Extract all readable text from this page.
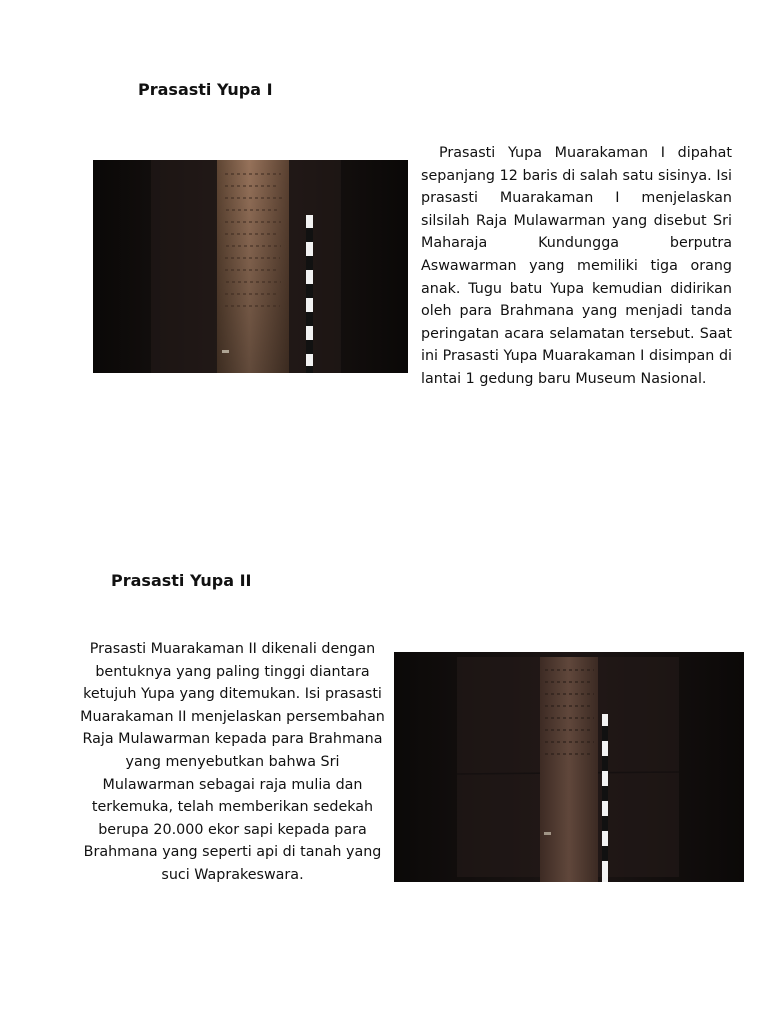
Prasasti Yupa I

Prasasti Yupa Muarakaman I dipahat sepanjang 12 baris di salah satu sisinya. Isi prasasti Muarakaman I menjelaskan silsilah Raja Mulawarman yang disebut Sri Maharaja Kundungga berputra Aswawarman yang memiliki tiga orang anak. Tugu batu Yupa kemudian didirikan oleh para Brahmana yang menjadi tanda peringatan acara selamatan tersebut. Saat ini Prasasti Yupa Muarakaman I disimpan di lantai 1 gedung baru Museum Nasional.

Prasasti Yupa II

Prasasti Muarakaman II dikenali dengan bentuknya yang paling tinggi diantara ketujuh Yupa yang ditemukan. Isi prasasti Muarakaman II menjelaskan persembahan Raja Mulawarman kepada para Brahmana yang menyebutkan bahwa Sri Mulawarman sebagai raja mulia dan terkemuka, telah memberikan sedekah berupa 20.000 ekor sapi kepada para Brahmana yang seperti api di tanah yang suci Waprakeswara.
